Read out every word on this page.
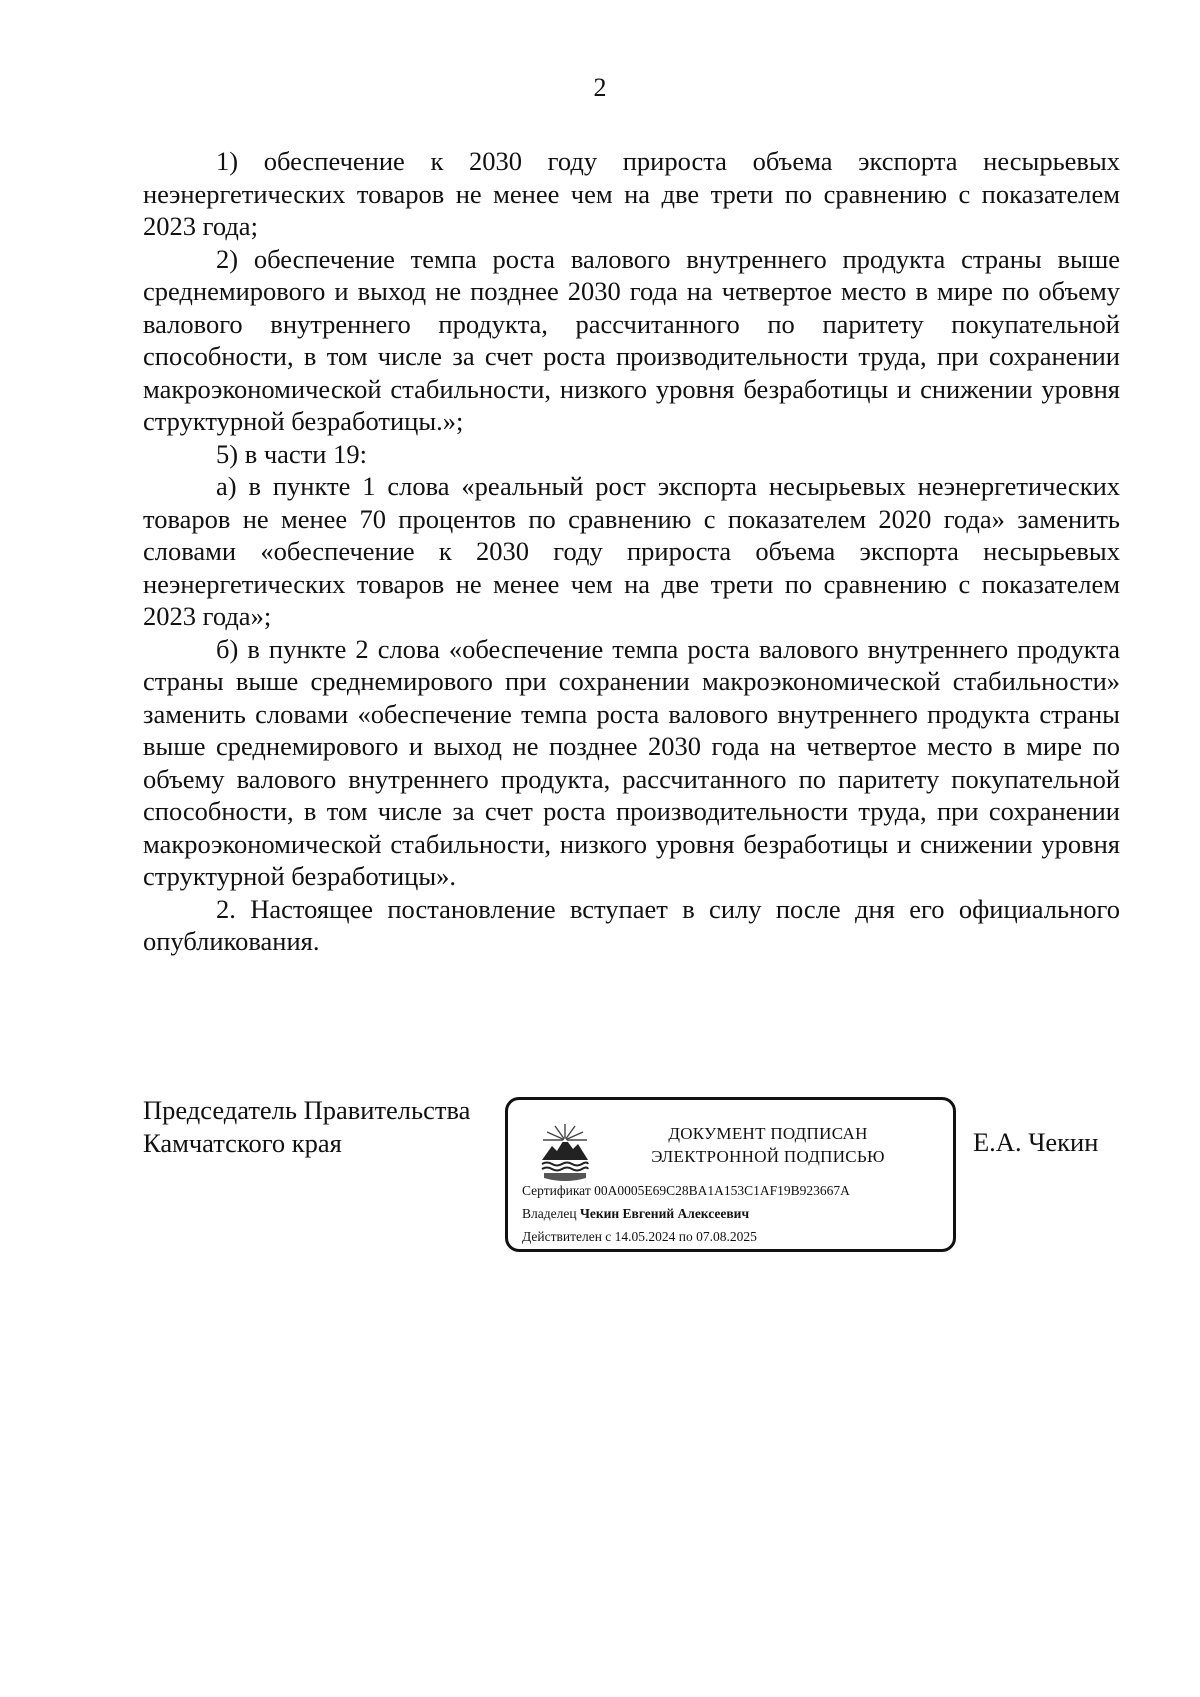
2

1) обеспечение к 2030 году прироста объема экспорта несырьевых неэнергетических товаров не менее чем на две трети по сравнению с показателем 2023 года;

2) обеспечение темпа роста валового внутреннего продукта страны выше среднемирового и выход не позднее 2030 года на четвертое место в мире по объему валового внутреннего продукта, рассчитанного по паритету покупательной способности, в том числе за счет роста производительности труда, при сохранении макроэкономической стабильности, низкого уровня безработицы и снижении уровня структурной безработицы.»;

5) в части 19:

а) в пункте 1 слова «реальный рост экспорта несырьевых неэнергетических товаров не менее 70 процентов по сравнению с показателем 2020 года» заменить словами «обеспечение к 2030 году прироста объема экспорта несырьевых неэнергетических товаров не менее чем на две трети по сравнению с показателем 2023 года»;

б) в пункте 2 слова «обеспечение темпа роста валового внутреннего продукта страны выше среднемирового при сохранении макроэкономической стабильности» заменить словами «обеспечение темпа роста валового внутреннего продукта страны выше среднемирового и выход не позднее 2030 года на четвертое место в мире по объему валового внутреннего продукта, рассчитанного по паритету покупательной способности, в том числе за счет роста производительности труда, при сохранении макроэкономической стабильности, низкого уровня безработицы и снижении уровня структурной безработицы».

2. Настоящее постановление вступает в силу после дня его официального опубликования.

Председатель Правительства
Камчатского края	Е.А. Чекин
ДОКУМЕНТ ПОДПИСАН
ЭЛЕКТРОННОЙ ПОДПИСЬЮ
Сертификат 00A0005E69C28BA1A153C1AF19B923667A
Владелец Чекин Евгений Алексеевич
Действителен с 14.05.2024 по 07.08.2025
